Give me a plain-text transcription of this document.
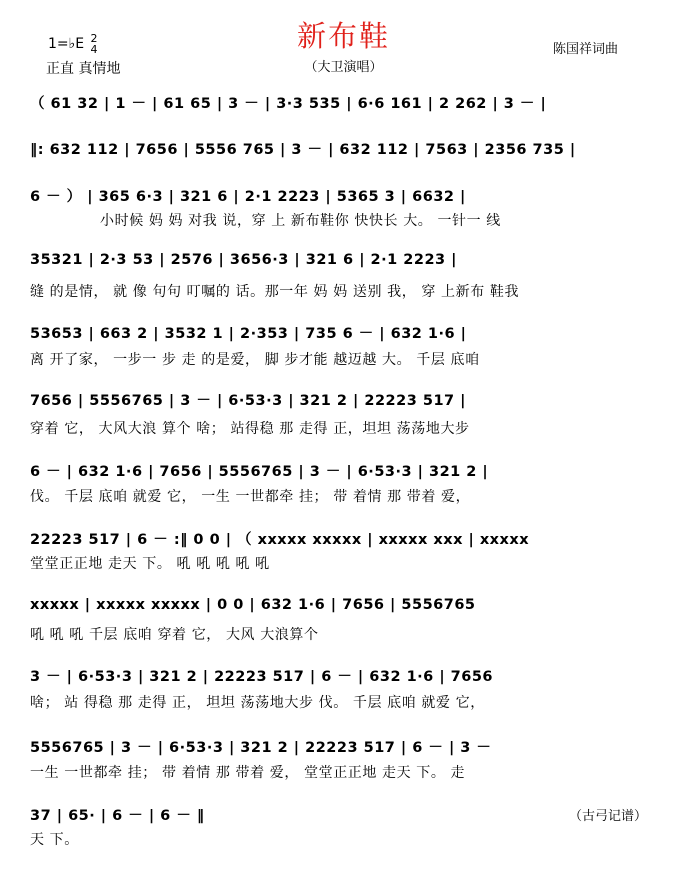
新布鞋
（大卫演唱）
1=♭E 2
4
正直 真情地
陈国祥词曲
（ 61 32 | 1 － | 61 65 | 3 － | 3·3 535 | 6·6 161 | 2 262 | 3 － |
‖: 632 112 | 7656 | 5556 765 | 3 － | 632 112 | 7563 | 2356 735 |
6 － ） | 365 6·3 | 321 6 | 2·1 2223 | 5365 3 | 6632 |
小时候 妈 妈 对我 说，穿 上 新布鞋你 快快长 大。 一针一 线
35321 | 2·3 53 | 2576 | 3656·3 | 321 6 | 2·1 2223 |
缝 的是情， 就 像 句句 叮嘱的 话。那一年 妈 妈 送别 我， 穿 上新布 鞋我
53653 | 663 2 | 3532 1 | 2·353 | 735 6 － | 632 1·6 |
离 开了家， 一步一 步 走 的是爱， 脚 步才能 越迈越 大。 千层 底咱
7656 | 5556765 | 3 － | 6·53·3 | 321 2 | 22223 517 |
穿着 它， 大风大浪 算个 啥； 站得稳 那 走得 正，坦坦 荡荡地大步
6 － | 632 1·6 | 7656 | 5556765 | 3 － | 6·53·3 | 321 2 |
伐。 千层 底咱 就爱 它， 一生 一世都牵 挂； 带 着情 那 带着 爱，
22223 517 | 6 － :‖ 0 0 | （ xxxxx xxxxx | xxxxx xxx | xxxxx
堂堂正正地 走天 下。 吼 吼 吼 吼 吼
xxxxx | xxxxx xxxxx | 0 0 | 632 1·6 | 7656 | 5556765
吼 吼 吼 千层 底咱 穿着 它， 大风 大浪算个
3 － | 6·53·3 | 321 2 | 22223 517 | 6 － | 632 1·6 | 7656
啥； 站 得稳 那 走得 正， 坦坦 荡荡地大步 伐。 千层 底咱 就爱 它，
5556765 | 3 － | 6·53·3 | 321 2 | 22223 517 | 6 － | 3 －
一生 一世都牵 挂； 带 着情 那 带着 爱， 堂堂正正地 走天 下。 走
37 | 65· | 6 － | 6 － ‖
天 下。
（古弓记谱）
